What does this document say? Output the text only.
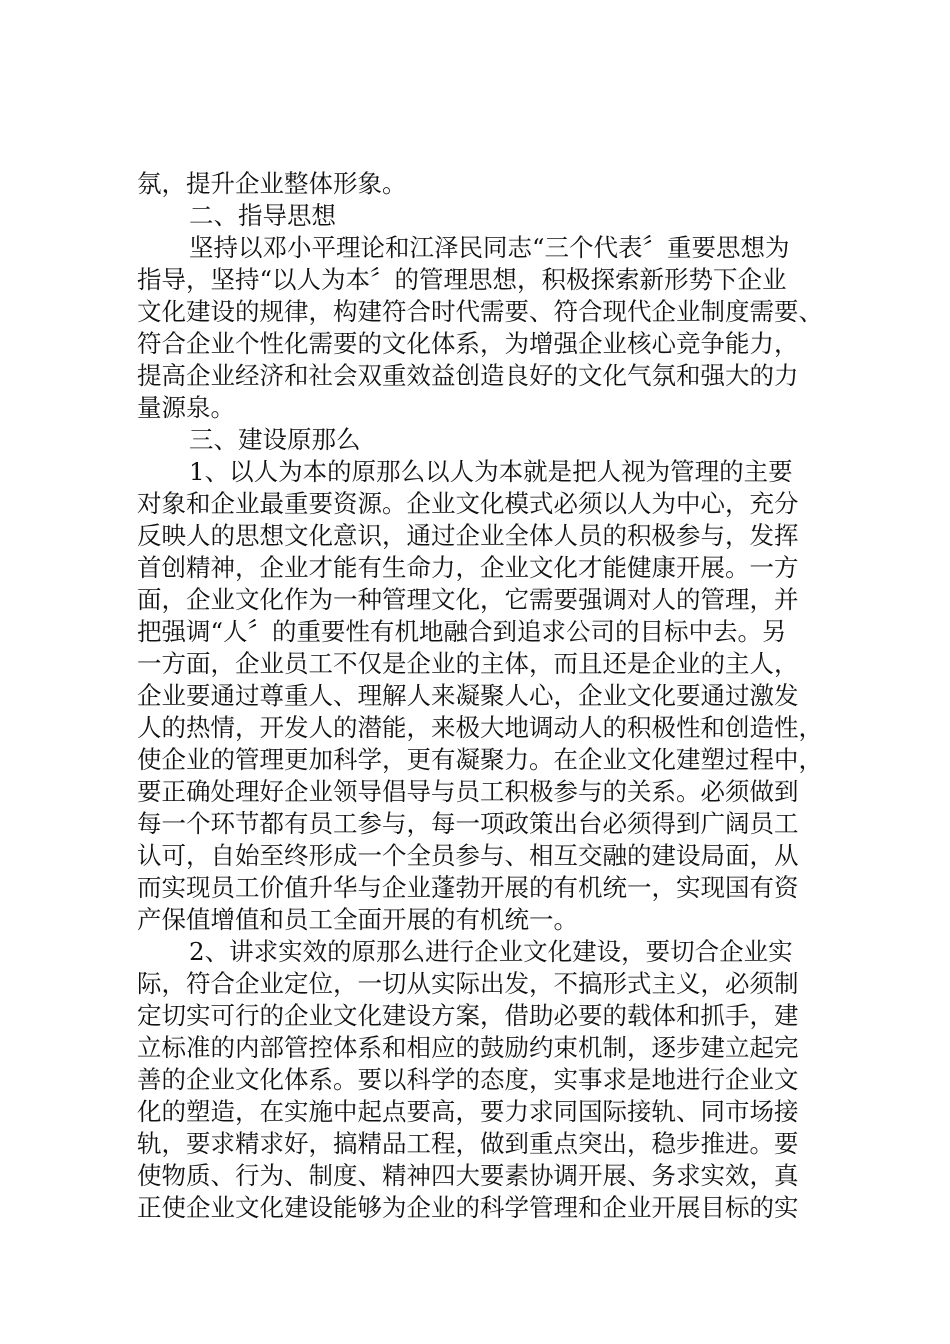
氛，提升企业整体形象。
二、指导思想
坚持以邓小平理论和江泽民同志“三个代表〞重要思想为
指导，坚持“以人为本〞的管理思想，积极探索新形势下企业
文化建设的规律，构建符合时代需要、符合现代企业制度需要、
符合企业个性化需要的文化体系，为增强企业核心竞争能力，
提高企业经济和社会双重效益创造良好的文化气氛和强大的力
量源泉。
三、建设原那么
1、以人为本的原那么以人为本就是把人视为管理的主要
对象和企业最重要资源。企业文化模式必须以人为中心，充分
反映人的思想文化意识，通过企业全体人员的积极参与，发挥
首创精神，企业才能有生命力，企业文化才能健康开展。一方
面，企业文化作为一种管理文化，它需要强调对人的管理，并
把强调“人〞的重要性有机地融合到追求公司的目标中去。另
一方面，企业员工不仅是企业的主体，而且还是企业的主人，
企业要通过尊重人、理解人来凝聚人心，企业文化要通过激发
人的热情，开发人的潜能，来极大地调动人的积极性和创造性，
使企业的管理更加科学，更有凝聚力。在企业文化建塑过程中，
要正确处理好企业领导倡导与员工积极参与的关系。必须做到
每一个环节都有员工参与，每一项政策出台必须得到广阔员工
认可，自始至终形成一个全员参与、相互交融的建设局面，从
而实现员工价值升华与企业蓬勃开展的有机统一，实现国有资
产保值增值和员工全面开展的有机统一。
2、讲求实效的原那么进行企业文化建设，要切合企业实
际，符合企业定位，一切从实际出发，不搞形式主义，必须制
定切实可行的企业文化建设方案，借助必要的载体和抓手，建
立标准的内部管控体系和相应的鼓励约束机制，逐步建立起完
善的企业文化体系。要以科学的态度，实事求是地进行企业文
化的塑造，在实施中起点要高，要力求同国际接轨、同市场接
轨，要求精求好，搞精品工程，做到重点突出，稳步推进。要
使物质、行为、制度、精神四大要素协调开展、务求实效，真
正使企业文化建设能够为企业的科学管理和企业开展目标的实
